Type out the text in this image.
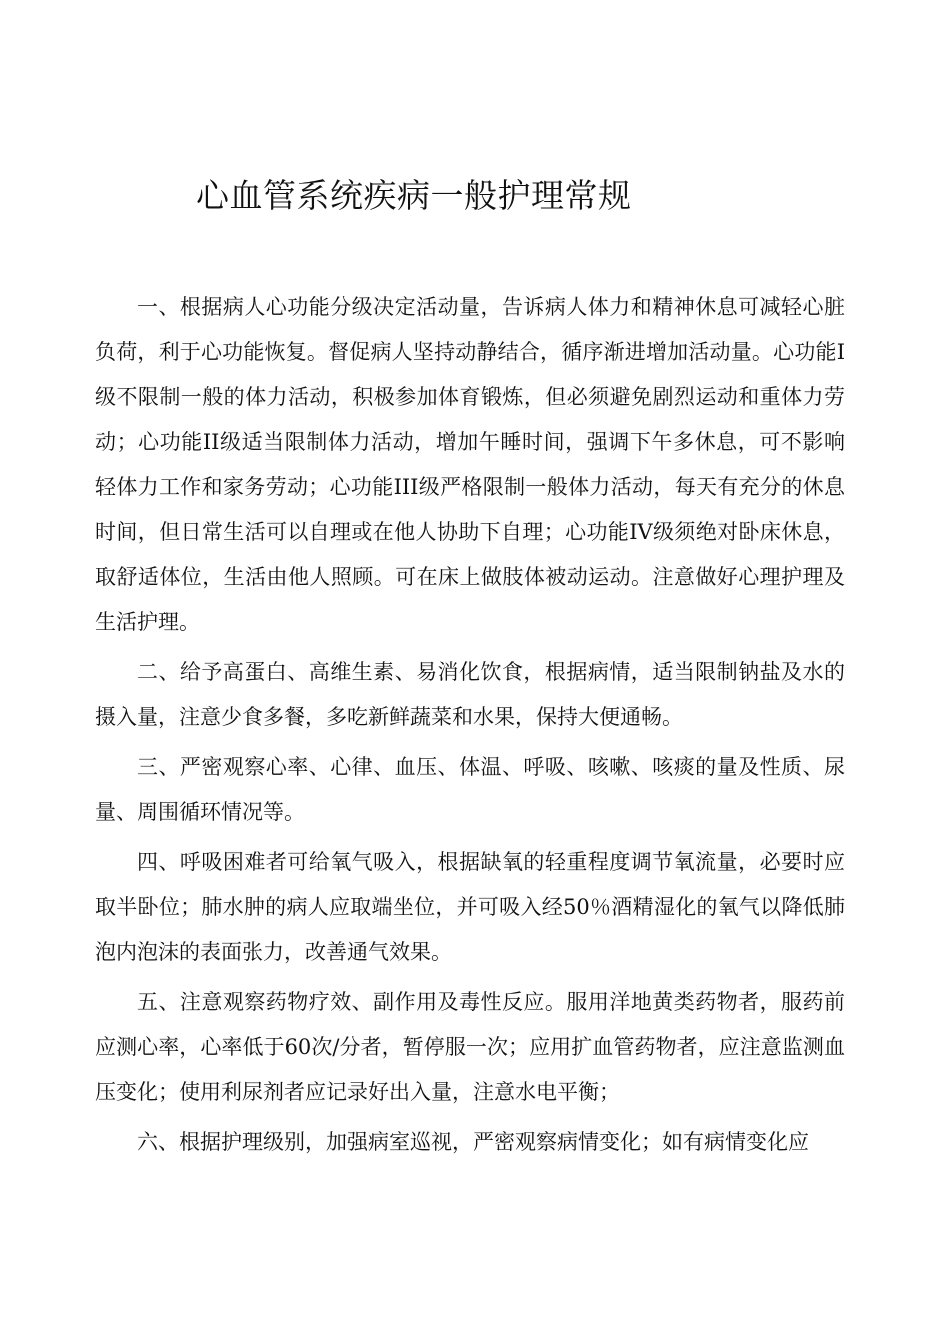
心血管系统疾病一般护理常规

一、根据病人心功能分级决定活动量，告诉病人体力和精神休息可减轻心脏负荷，利于心功能恢复。督促病人坚持动静结合，循序渐进增加活动量。心功能I级不限制一般的体力活动，积极参加体育锻炼，但必须避免剧烈运动和重体力劳动；心功能II级适当限制体力活动，增加午睡时间，强调下午多休息，可不影响轻体力工作和家务劳动；心功能III级严格限制一般体力活动，每天有充分的休息时间，但日常生活可以自理或在他人协助下自理；心功能IV级须绝对卧床休息，取舒适体位，生活由他人照顾。可在床上做肢体被动运动。注意做好心理护理及生活护理。

二、给予高蛋白、高维生素、易消化饮食，根据病情，适当限制钠盐及水的摄入量，注意少食多餐，多吃新鲜蔬菜和水果，保持大便通畅。

三、严密观察心率、心律、血压、体温、呼吸、咳嗽、咳痰的量及性质、尿量、周围循环情况等。

四、呼吸困难者可给氧气吸入，根据缺氧的轻重程度调节氧流量，必要时应取半卧位；肺水肿的病人应取端坐位，并可吸入经50％酒精湿化的氧气以降低肺泡内泡沫的表面张力，改善通气效果。

五、注意观察药物疗效、副作用及毒性反应。服用洋地黄类药物者，服药前应测心率，心率低于60次/分者，暂停服一次；应用扩血管药物者，应注意监测血压变化；使用利尿剂者应记录好出入量，注意水电平衡；

六、根据护理级别，加强病室巡视，严密观察病情变化；如有病情变化应
